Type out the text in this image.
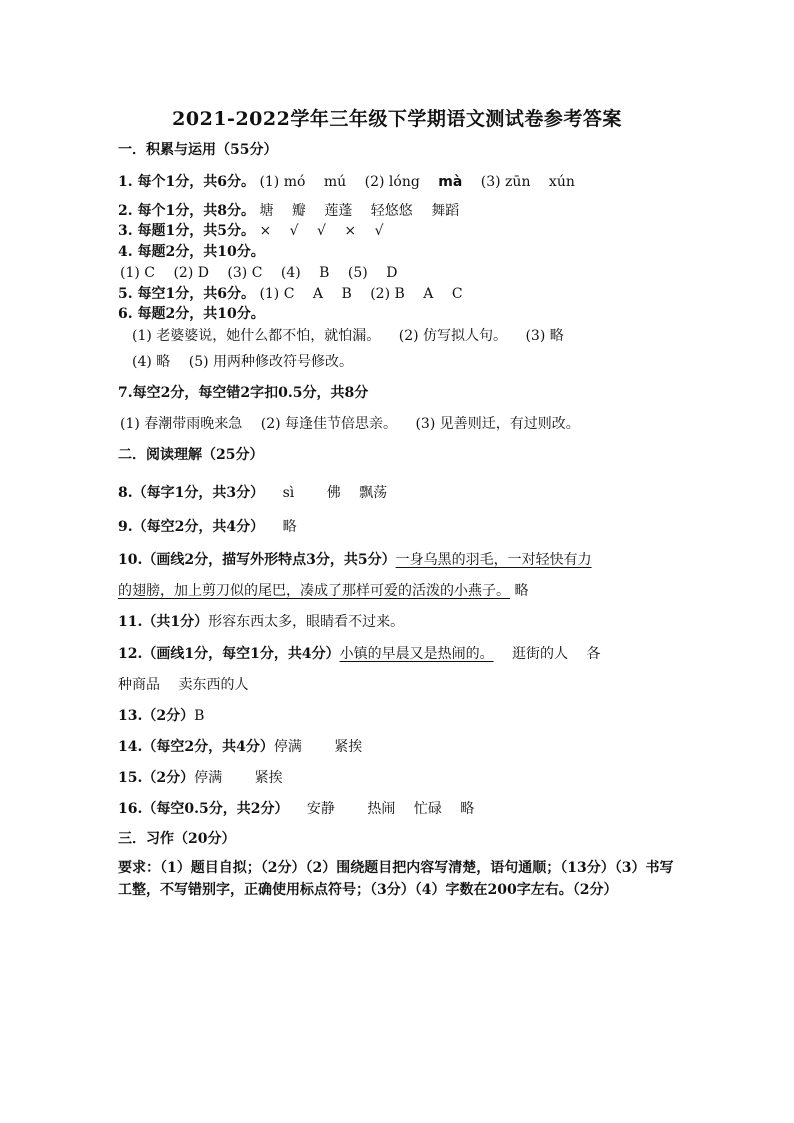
2021-2022学年三年级下学期语文测试卷参考答案
一．积累与运用（55分）
1. 每个1分，共6分。 (1) mó mú (2) lóng mà (3) zūn xún
2. 每个1分，共8分。 塘 瓣 莲蓬 轻悠悠 舞蹈
3. 每题1分，共5分。 × √ √ × √
4. 每题2分，共10分。
(1) C (2) D (3) C (4) B (5) D
5. 每空1分，共6分。 (1) C A B (2) B A C
6. 每题2分，共10分。
(1) 老婆婆说，她什么都不怕，就怕漏。 (2) 仿写拟人句。 (3) 略
(4) 略 (5) 用两种修改符号修改。
7.每空2分，每空错2字扣0.5分，共8分
(1) 春潮带雨晚来急 (2) 每逢佳节倍思亲。 (3) 见善则迁，有过则改。
二．阅读理解（25分）
8.（每字1分，共3分） sì 佛 飘荡
9.（每空2分，共4分） 略
10.（画线2分，描写外形特点3分，共5分）一身乌黑的羽毛，一对轻快有力
的翅膀，加上剪刀似的尾巴，凑成了那样可爱的活泼的小燕子。 略
11.（共1分）形容东西太多，眼睛看不过来。
12.（画线1分，每空1分，共4分）小镇的早晨又是热闹的。 逛街的人 各
种商品 卖东西的人
13.（2分）B
14.（每空2分，共4分）停满 紧挨
15.（2分）停满 紧挨
16.（每空0.5分，共2分） 安静 热闹 忙碌 略
三．习作（20分）
要求：（1）题目自拟；（2分）（2）围绕题目把内容写清楚，语句通顺；（13分）（3）书写工整，不写错别字，正确使用标点符号；（3分）（4）字数在200字左右。（2分）
